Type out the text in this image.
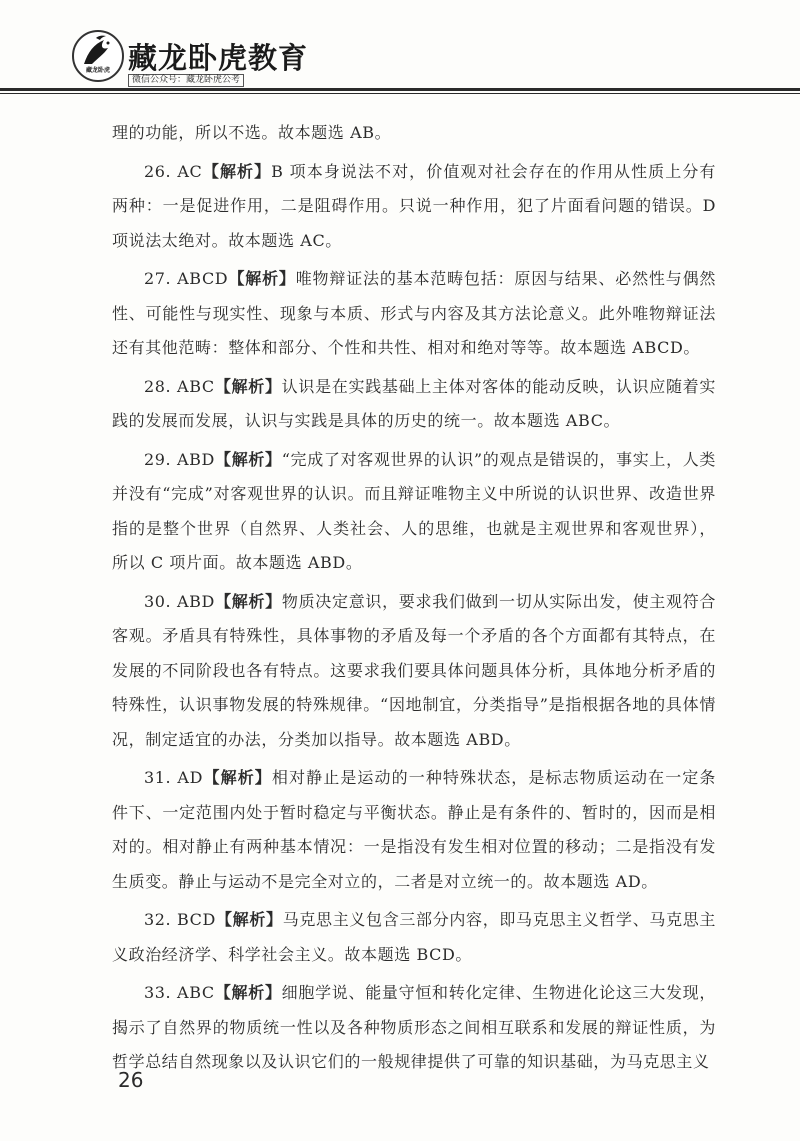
藏龙卧虎 藏龙卧虎教育
微信公众号：藏龙卧虎公考

理的功能，所以不选。故本题选 AB。

26. AC【解析】B 项本身说法不对，价值观对社会存在的作用从性质上分有两种：一是促进作用，二是阻碍作用。只说一种作用，犯了片面看问题的错误。D 项说法太绝对。故本题选 AC。

27. ABCD【解析】唯物辩证法的基本范畴包括：原因与结果、必然性与偶然性、可能性与现实性、现象与本质、形式与内容及其方法论意义。此外唯物辩证法还有其他范畴：整体和部分、个性和共性、相对和绝对等等。故本题选 ABCD。

28. ABC【解析】认识是在实践基础上主体对客体的能动反映，认识应随着实践的发展而发展，认识与实践是具体的历史的统一。故本题选 ABC。

29. ABD【解析】“完成了对客观世界的认识”的观点是错误的，事实上，人类并没有“完成”对客观世界的认识。而且辩证唯物主义中所说的认识世界、改造世界指的是整个世界（自然界、人类社会、人的思维，也就是主观世界和客观世界），所以 C 项片面。故本题选 ABD。

30. ABD【解析】物质决定意识，要求我们做到一切从实际出发，使主观符合客观。矛盾具有特殊性，具体事物的矛盾及每一个矛盾的各个方面都有其特点，在发展的不同阶段也各有特点。这要求我们要具体问题具体分析，具体地分析矛盾的特殊性，认识事物发展的特殊规律。“因地制宜，分类指导”是指根据各地的具体情况，制定适宜的办法，分类加以指导。故本题选 ABD。

31. AD【解析】相对静止是运动的一种特殊状态，是标志物质运动在一定条件下、一定范围内处于暂时稳定与平衡状态。静止是有条件的、暂时的，因而是相对的。相对静止有两种基本情况：一是指没有发生相对位置的移动；二是指没有发生质变。静止与运动不是完全对立的，二者是对立统一的。故本题选 AD。

32. BCD【解析】马克思主义包含三部分内容，即马克思主义哲学、马克思主义政治经济学、科学社会主义。故本题选 BCD。

33. ABC【解析】细胞学说、能量守恒和转化定律、生物进化论这三大发现，揭示了自然界的物质统一性以及各种物质形态之间相互联系和发展的辩证性质，为哲学总结自然现象以及认识它们的一般规律提供了可靠的知识基础，为马克思主义

26
